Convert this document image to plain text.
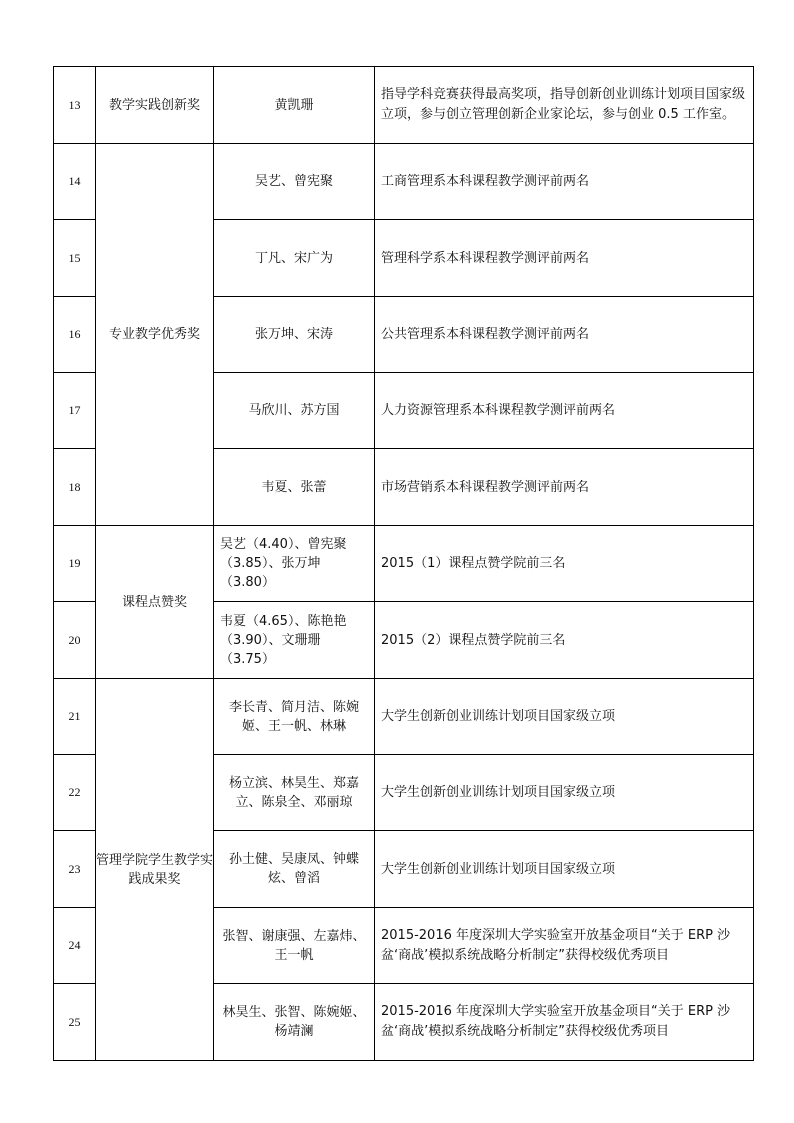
13	教学实践创新奖	黄凯珊	指导学科竞赛获得最高奖项，指导创新创业训练计划项目国家级立项，参与创立管理创新企业家论坛，参与创业 0.5 工作室。
14	专业教学优秀奖	吴艺、曾宪聚	工商管理系本科课程教学测评前两名
15		丁凡、宋广为	管理科学系本科课程教学测评前两名
16		张万坤、宋涛	公共管理系本科课程教学测评前两名
17		马欣川、苏方国	人力资源管理系本科课程教学测评前两名
18		韦夏、张蕾	市场营销系本科课程教学测评前两名
19	课程点赞奖	吴艺（4.40）、曾宪聚（3.85）、张万坤（3.80）	2015（1）课程点赞学院前三名
20		韦夏（4.65）、陈艳艳（3.90）、文珊珊（3.75）	2015（2）课程点赞学院前三名
21	管理学院学生教学实践成果奖	李长青、简月洁、陈婉姬、王一帆、林琳	大学生创新创业训练计划项目国家级立项
22		杨立滨、林昊生、郑嘉立、陈泉全、邓丽琼	大学生创新创业训练计划项目国家级立项
23		孙土健、吴康凤、钟蝶炫、曾滔	大学生创新创业训练计划项目国家级立项
24		张智、谢康强、左嘉炜、王一帆	2015-2016 年度深圳大学实验室开放基金项目“关于 ERP 沙盆‘商战’模拟系统战略分析制定”获得校级优秀项目
25		林昊生、张智、陈婉姬、杨靖澜	2015-2016 年度深圳大学实验室开放基金项目“关于 ERP 沙盆‘商战’模拟系统战略分析制定”获得校级优秀项目
